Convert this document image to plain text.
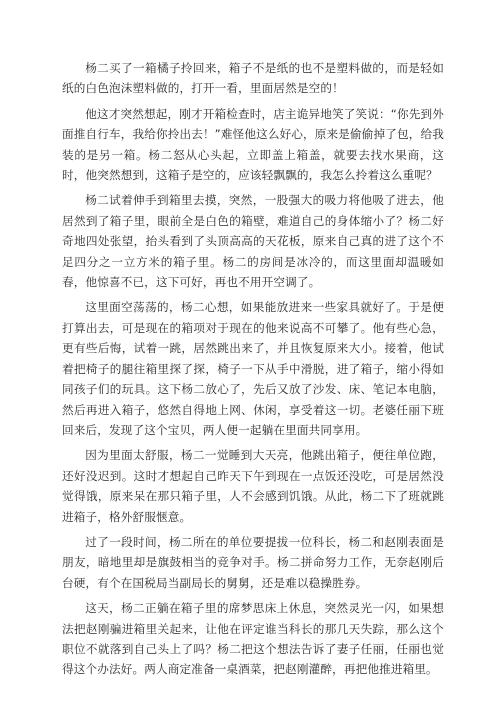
杨二买了一箱橘子拎回来，箱子不是纸的也不是塑料做的，而是轻如纸的白色泡沫塑料做的，打开一看，里面居然是空的！

他这才突然想起，刚才开箱检查时，店主诡异地笑了笑说：“你先到外面推自行车，我给你拎出去！”难怪他这么好心，原来是偷偷掉了包，给我装的是另一箱。杨二怒从心头起，立即盖上箱盖，就要去找水果商，这时，他突然想到，这箱子是空的，应该轻飘飘的，我怎么拎着这么重呢？

杨二试着伸手到箱里去摸，突然，一股强大的吸力将他吸了进去，他居然到了箱子里，眼前全是白色的箱壁，难道自己的身体缩小了？杨二好奇地四处张望，抬头看到了头顶高高的天花板，原来自己真的进了这个不足四分之一立方米的箱子里。杨二的房间是冰冷的，而这里面却温暖如春，他惊喜不已，这下可好，再也不用开空调了。

这里面空荡荡的，杨二心想，如果能放进来一些家具就好了。于是便打算出去，可是现在的箱项对于现在的他来说高不可攀了。他有些心急，更有些后悔，试着一跳，居然跳出来了，并且恢复原来大小。接着，他试着把椅子的腿往箱里探了探，椅子一下从手中滑脱，进了箱子，缩小得如同孩子们的玩具。这下杨二放心了，先后又放了沙发、床、笔记本电脑，然后再进入箱子，悠然自得地上网、休闲，享受着这一切。老婆任丽下班回来后，发现了这个宝贝，两人便一起躺在里面共同享用。

因为里面太舒服，杨二一觉睡到大天亮，他跳出箱子，便往单位跑，还好没迟到。这时才想起自己昨天下午到现在一点饭还没吃，可是居然没觉得饿，原来呆在那只箱子里，人不会感到饥饿。从此，杨二下了班就跳进箱子，格外舒服惬意。

过了一段时间，杨二所在的单位要提拔一位科长，杨二和赵刚表面是朋友，暗地里却是旗鼓相当的竞争对手。杨二拼命努力工作，无奈赵刚后台硬，有个在国税局当副局长的舅舅，还是难以稳操胜券。

这天，杨二正躺在箱子里的席梦思床上休息，突然灵光一闪，如果想法把赵刚骗进箱里关起来，让他在评定谁当科长的那几天失踪，那么这个职位不就落到自己头上了吗？杨二把这个想法告诉了妻子任丽，任丽也觉得这个办法好。两人商定准备一桌酒菜，把赵刚灌醉，再把他推进箱里。
